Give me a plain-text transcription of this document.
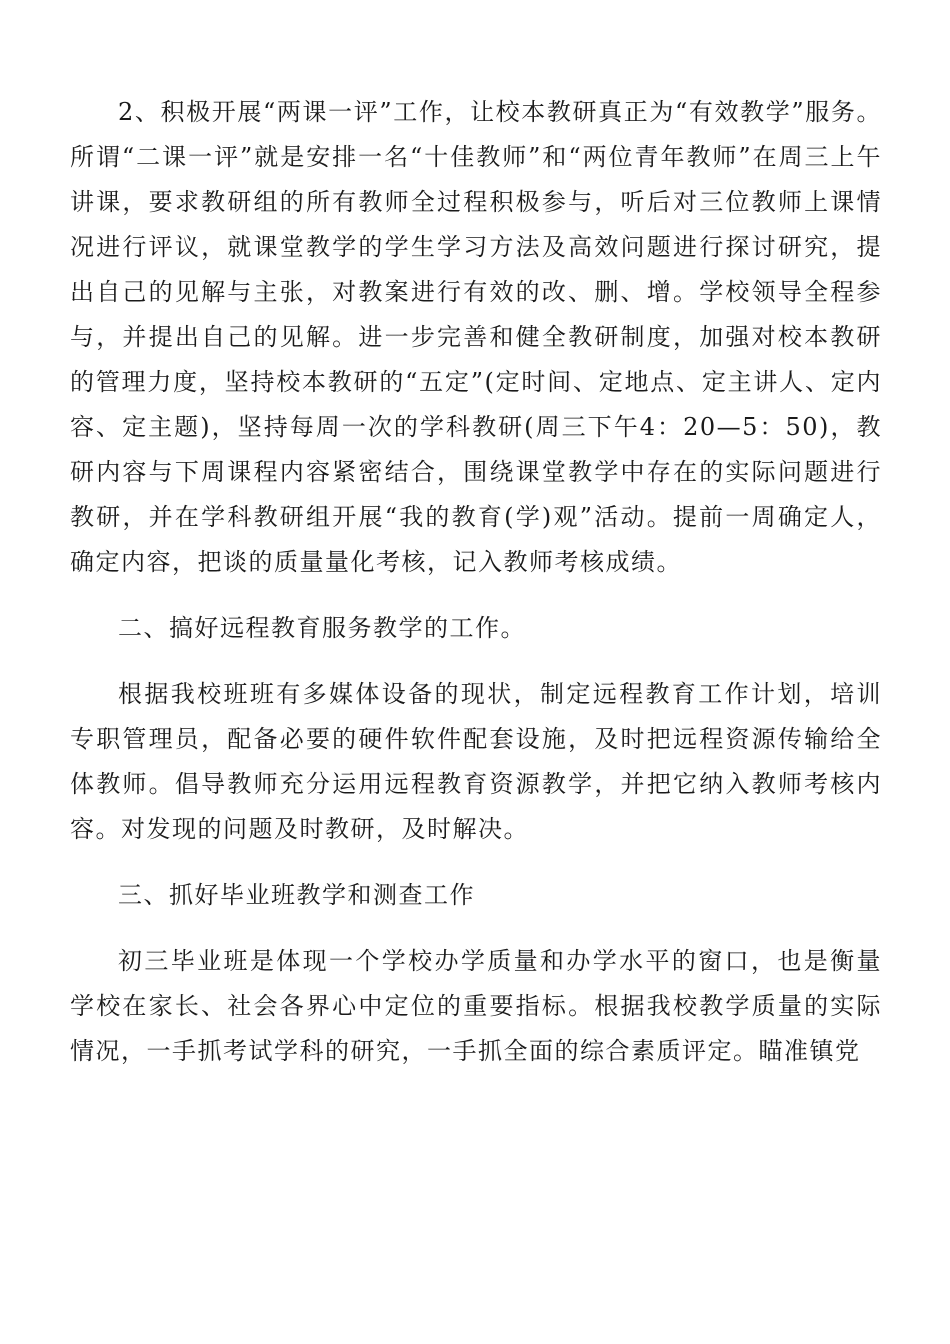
2、积极开展“两课一评”工作，让校本教研真正为“有效教学”服务。所谓“二课一评”就是安排一名“十佳教师”和“两位青年教师”在周三上午讲课，要求教研组的所有教师全过程积极参与，听后对三位教师上课情况进行评议，就课堂教学的学生学习方法及高效问题进行探讨研究，提出自己的见解与主张，对教案进行有效的改、删、增。学校领导全程参与，并提出自己的见解。进一步完善和健全教研制度，加强对校本教研的管理力度，坚持校本教研的“五定”(定时间、定地点、定主讲人、定内容、定主题)，坚持每周一次的学科教研(周三下午4：20—5：50)，教研内容与下周课程内容紧密结合，围绕课堂教学中存在的实际问题进行教研，并在学科教研组开展“我的教育(学)观”活动。提前一周确定人，确定内容，把谈的质量量化考核，记入教师考核成绩。

二、搞好远程教育服务教学的工作。

根据我校班班有多媒体设备的现状，制定远程教育工作计划，培训专职管理员，配备必要的硬件软件配套设施，及时把远程资源传输给全体教师。倡导教师充分运用远程教育资源教学，并把它纳入教师考核内容。对发现的问题及时教研，及时解决。

三、抓好毕业班教学和测查工作

初三毕业班是体现一个学校办学质量和办学水平的窗口，也是衡量学校在家长、社会各界心中定位的重要指标。根据我校教学质量的实际情况，一手抓考试学科的研究，一手抓全面的综合素质评定。瞄准镇党
